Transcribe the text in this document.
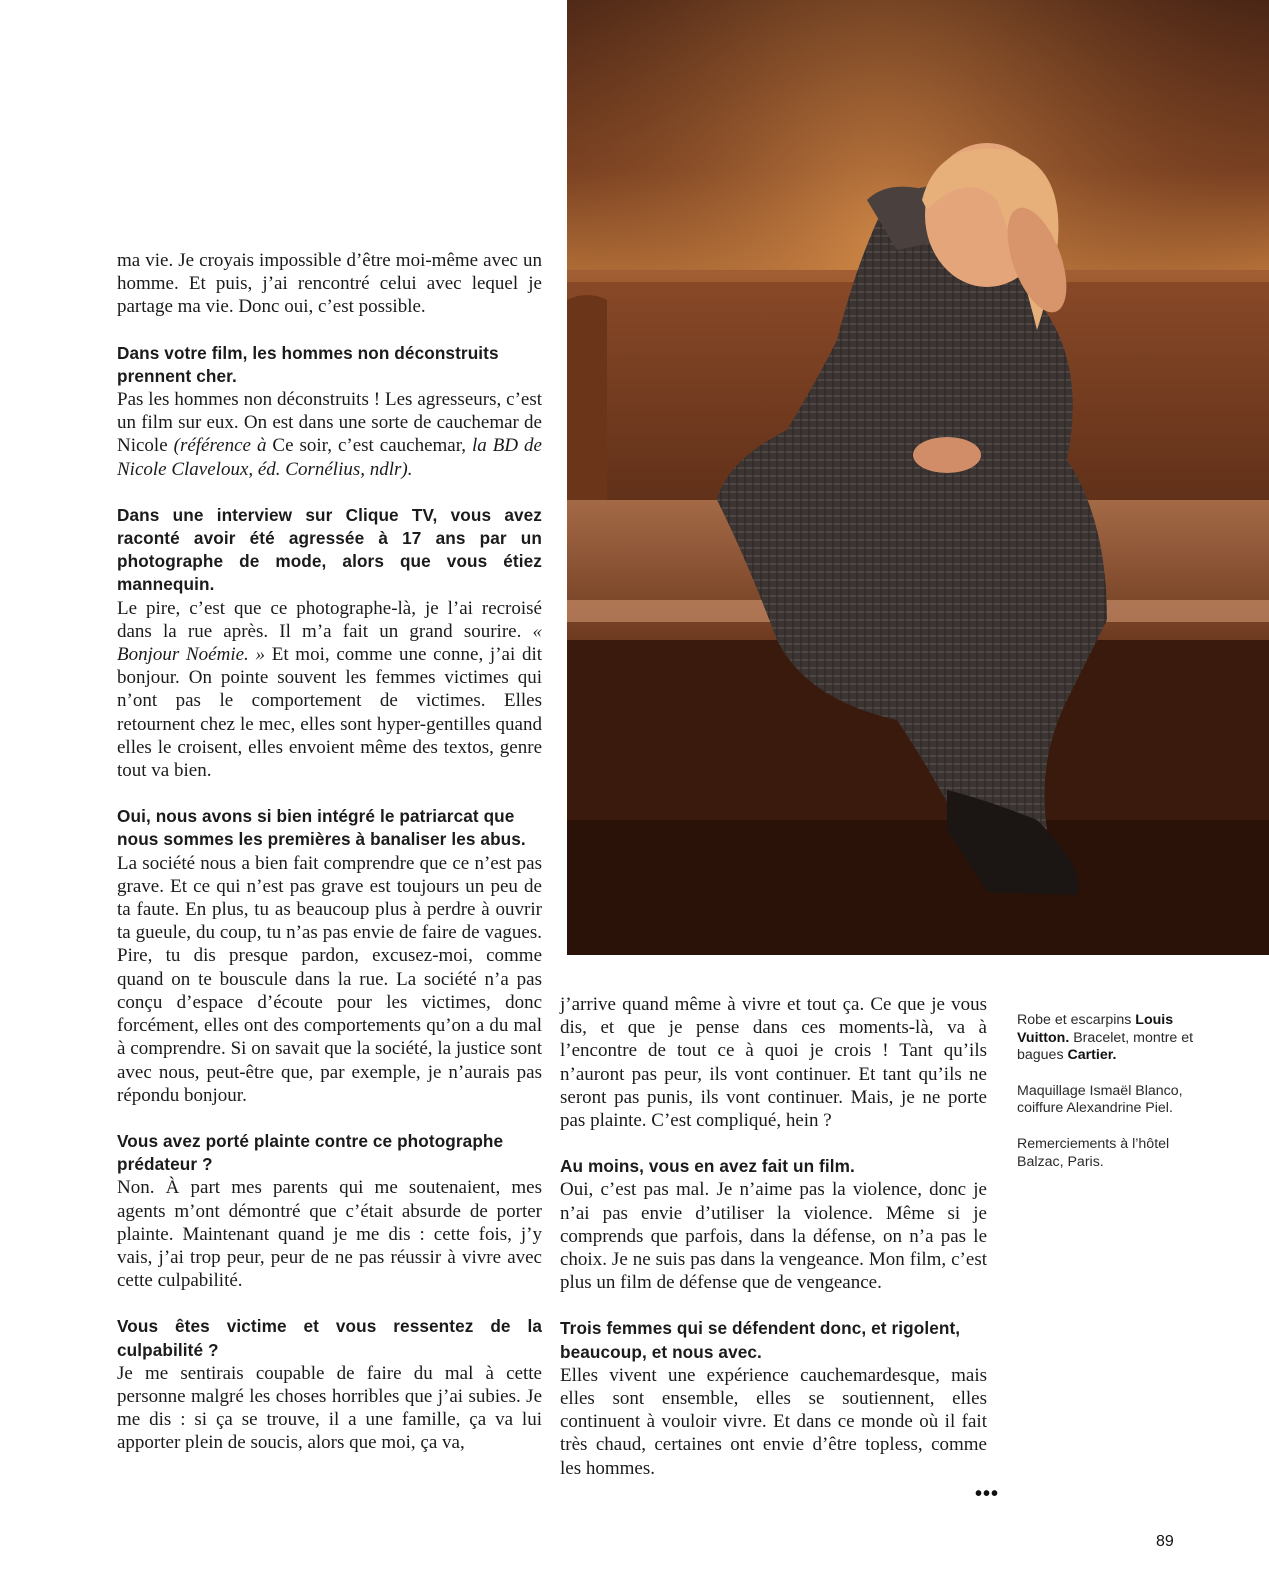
ma vie. Je croyais impossible d’être moi-même avec un homme. Et puis, j’ai rencontré celui avec lequel je partage ma vie. Donc oui, c’est possible.

Dans votre film, les hommes non déconstruits prennent cher.

Pas les hommes non déconstruits ! Les agresseurs, c’est un film sur eux. On est dans une sorte de cauchemar de Nicole (référence à Ce soir, c’est cauchemar, la BD de Nicole Claveloux, éd. Cornélius, ndlr).

Dans une interview sur Clique TV, vous avez raconté avoir été agressée à 17 ans par un photographe de mode, alors que vous étiez mannequin.

Le pire, c’est que ce photographe-là, je l’ai recroisé dans la rue après. Il m’a fait un grand sourire. « Bonjour Noémie. » Et moi, comme une conne, j’ai dit bonjour. On pointe souvent les femmes victimes qui n’ont pas le comportement de victimes. Elles retournent chez le mec, elles sont hyper-gentilles quand elles le croisent, elles envoient même des textos, genre tout va bien.

Oui, nous avons si bien intégré le patriarcat que nous sommes les premières à banaliser les abus.

La société nous a bien fait comprendre que ce n’est pas grave. Et ce qui n’est pas grave est toujours un peu de ta faute. En plus, tu as beaucoup plus à perdre à ouvrir ta gueule, du coup, tu n’as pas envie de faire de vagues. Pire, tu dis presque pardon, excusez-moi, comme quand on te bouscule dans la rue. La société n’a pas conçu d’espace d’écoute pour les victimes, donc forcément, elles ont des comportements qu’on a du mal à comprendre. Si on savait que la société, la justice sont avec nous, peut-être que, par exemple, je n’aurais pas répondu bonjour.

Vous avez porté plainte contre ce photographe prédateur ?

Non. À part mes parents qui me soutenaient, mes agents m’ont démontré que c’était absurde de porter plainte. Maintenant quand je me dis : cette fois, j’y vais, j’ai trop peur, peur de ne pas réussir à vivre avec cette culpabilité.

Vous êtes victime et vous ressentez de la culpabilité ?

Je me sentirais coupable de faire du mal à cette personne malgré les choses horribles que j’ai subies. Je me dis : si ça se trouve, il a une famille, ça va lui apporter plein de soucis, alors que moi, ça va,

j’arrive quand même à vivre et tout ça. Ce que je vous dis, et que je pense dans ces moments-là, va à l’encontre de tout ce à quoi je crois ! Tant qu’ils n’auront pas peur, ils vont continuer. Et tant qu’ils ne seront pas punis, ils vont continuer. Mais, je ne porte pas plainte. C’est compliqué, hein ?

Au moins, vous en avez fait un film.

Oui, c’est pas mal. Je n’aime pas la violence, donc je n’ai pas envie d’utiliser la violence. Même si je comprends que parfois, dans la défense, on n’a pas le choix. Je ne suis pas dans la vengeance. Mon film, c’est plus un film de défense que de vengeance.

Trois femmes qui se défendent donc, et rigolent, beaucoup, et nous avec.

Elles vivent une expérience cauchemardesque, mais elles sont ensemble, elles se soutiennent, elles continuent à vouloir vivre. Et dans ce monde où il fait très chaud, certaines ont envie d’être topless, comme les hommes.

•••

Robe et escarpins Louis Vuitton. Bracelet, montre et bagues Cartier.

Maquillage Ismaël Blanco, coiffure Alexandrine Piel.

Remerciements à l’hôtel Balzac, Paris.

89
